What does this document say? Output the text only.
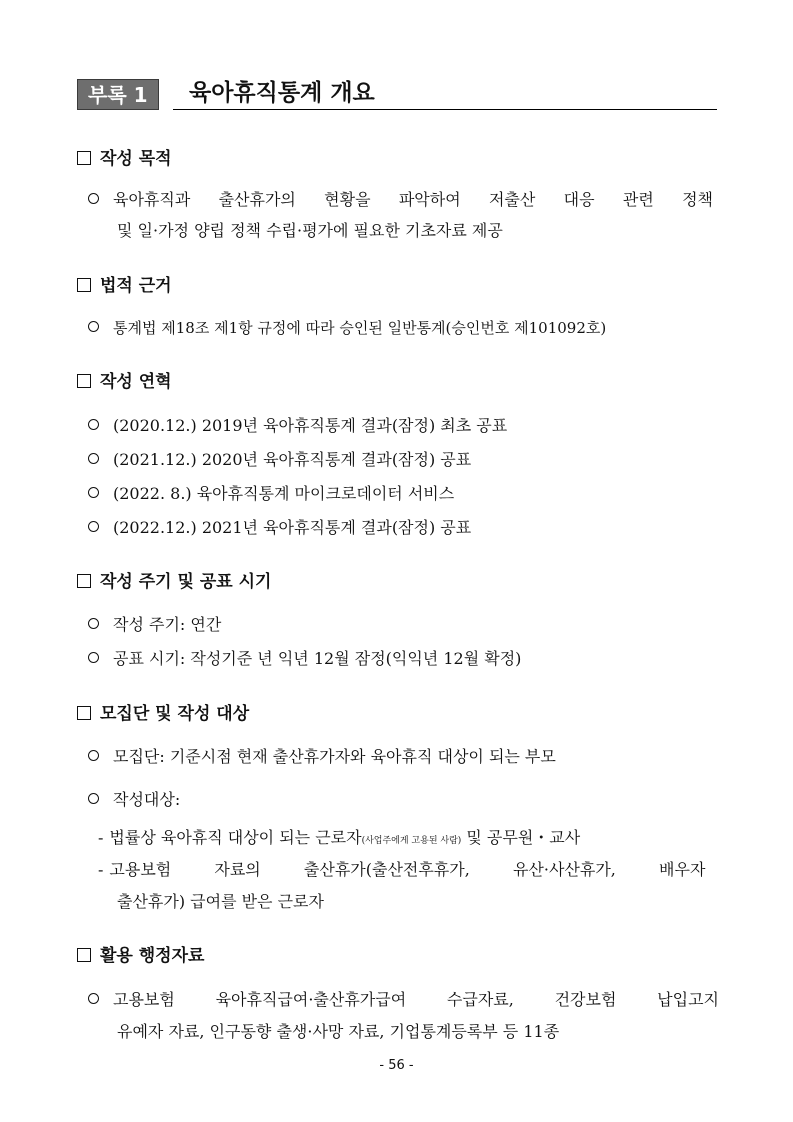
부록 1	육아휴직통계 개요
작성 목적
육아휴직과 출산휴가의 현황을 파악하여 저출산 대응 관련 정책
및 일·가정 양립 정책 수립·평가에 필요한 기초자료 제공
법적 근거
통계법 제18조 제1항 규정에 따라 승인된 일반통계(승인번호 제101092호)
작성 연혁
(2020.12.) 2019년 육아휴직통계 결과(잠정) 최초 공표
(2021.12.) 2020년 육아휴직통계 결과(잠정) 공표
(2022. 8.) 육아휴직통계 마이크로데이터 서비스
(2022.12.) 2021년 육아휴직통계 결과(잠정) 공표
작성 주기 및 공표 시기
작성 주기: 연간
공표 시기: 작성기준 년 익년 12월 잠정(익익년 12월 확정)
모집단 및 작성 대상
모집단: 기준시점 현재 출산휴가자와 육아휴직 대상이 되는 부모
작성대상:
- 법률상 육아휴직 대상이 되는 근로자(사업주에게 고용된 사람) 및 공무원・교사
- 고용보험 자료의 출산휴가(출산전후휴가, 유산·사산휴가, 배우자
출산휴가) 급여를 받은 근로자
활용 행정자료
고용보험 육아휴직급여·출산휴가급여 수급자료, 건강보험 납입고지
유예자 자료, 인구동향 출생·사망 자료, 기업통계등록부 등 11종
- 56 -
